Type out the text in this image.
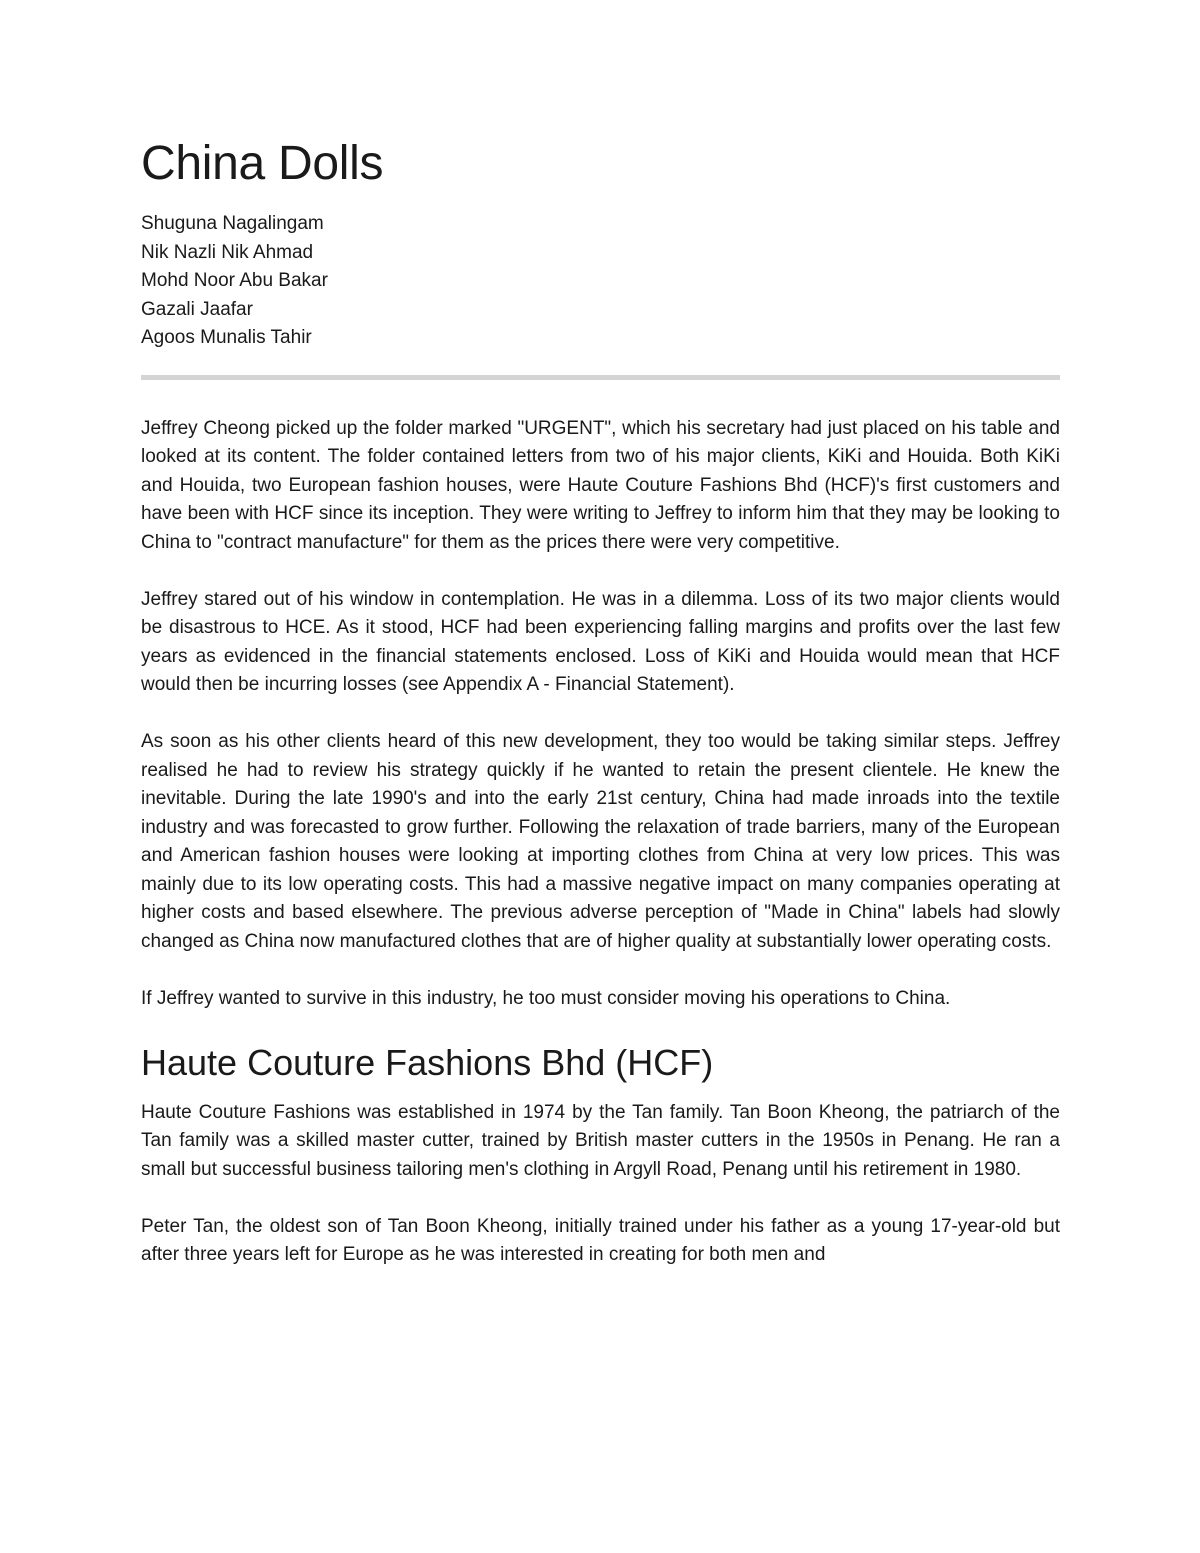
China Dolls
Shuguna Nagalingam
Nik Nazli Nik Ahmad
Mohd Noor Abu Bakar
Gazali Jaafar
Agoos Munalis Tahir

Jeffrey Cheong picked up the folder marked "URGENT", which his secretary had just placed on his table and looked at its content. The folder contained letters from two of his major clients, KiKi and Houida. Both KiKi and Houida, two European fashion houses, were Haute Couture Fashions Bhd (HCF)'s first customers and have been with HCF since its inception. They were writing to Jeffrey to inform him that they may be looking to China to "contract manufacture" for them as the prices there were very competitive.

Jeffrey stared out of his window in contemplation. He was in a dilemma. Loss of its two major clients would be disastrous to HCE. As it stood, HCF had been experiencing falling margins and profits over the last few years as evidenced in the financial statements enclosed. Loss of KiKi and Houida would mean that HCF would then be incurring losses (see Appendix A - Financial Statement).

As soon as his other clients heard of this new development, they too would be taking similar steps. Jeffrey realised he had to review his strategy quickly if he wanted to retain the present clientele. He knew the inevitable. During the late 1990's and into the early 21st century, China had made inroads into the textile industry and was forecasted to grow further. Following the relaxation of trade barriers, many of the European and American fashion houses were looking at importing clothes from China at very low prices. This was mainly due to its low operating costs. This had a massive negative impact on many companies operating at higher costs and based elsewhere. The previous adverse perception of "Made in China" labels had slowly changed as China now manufactured clothes that are of higher quality at substantially lower operating costs.

If Jeffrey wanted to survive in this industry, he too must consider moving his operations to China.

Haute Couture Fashions Bhd (HCF)

Haute Couture Fashions was established in 1974 by the Tan family. Tan Boon Kheong, the patriarch of the Tan family was a skilled master cutter, trained by British master cutters in the 1950s in Penang. He ran a small but successful business tailoring men's clothing in Argyll Road, Penang until his retirement in 1980.

Peter Tan, the oldest son of Tan Boon Kheong, initially trained under his father as a young 17-year-old but after three years left for Europe as he was interested in creating for both men and
